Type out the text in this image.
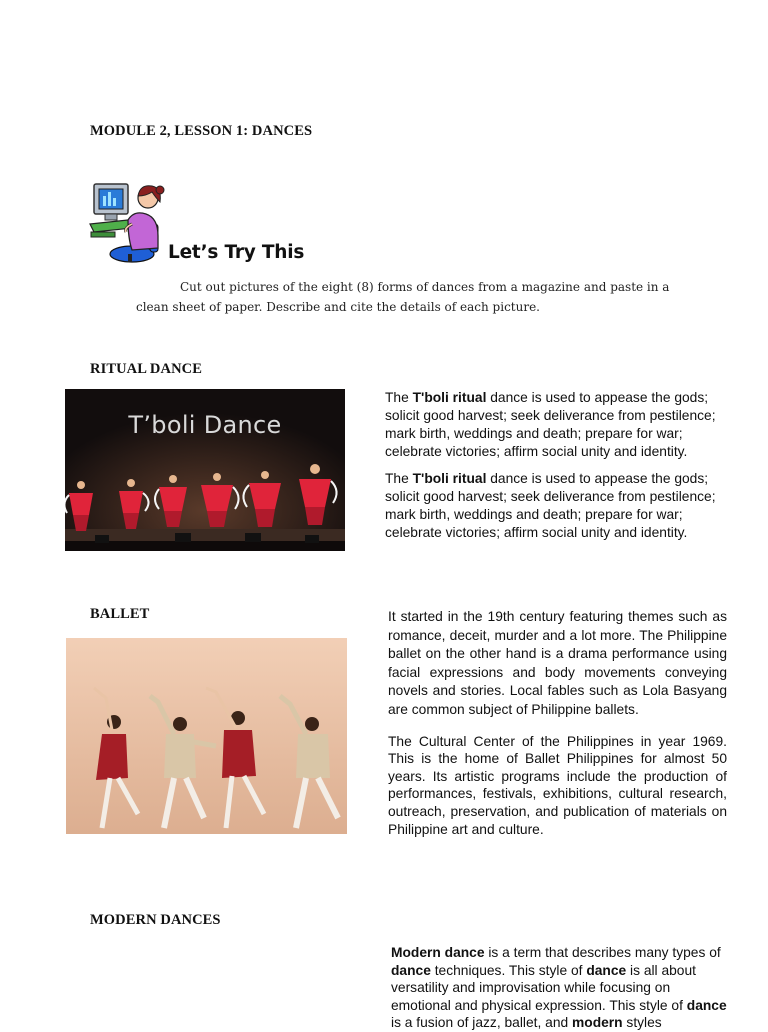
MODULE 2, LESSON 1: DANCES
Let’s Try This
Cut out pictures of the eight (8) forms of dances from a magazine and paste in a
clean sheet of paper. Describe and cite the details of each picture.
RITUAL DANCE
T’boli Dance

The T'boli ritual dance is used to appease the gods; solicit good harvest; seek deliverance from pestilence; mark birth, weddings and death; prepare for war; celebrate victories; affirm social unity and identity.

The T'boli ritual dance is used to appease the gods; solicit good harvest; seek deliverance from pestilence; mark birth, weddings and death; prepare for war; celebrate victories; affirm social unity and identity.

BALLET	It started in the 19th century featuring themes such as romance, deceit, murder and a lot more. The Philippine ballet on the other hand is a drama performance using facial expressions and body movements conveying novels and stories. Local fables such as Lola Basyang are common subject of Philippine ballets.

The Cultural Center of the Philippines in year 1969. This is the home of Ballet Philippines for almost 50 years. Its artistic programs include the production of performances, festivals, exhibitions, cultural research, outreach, preservation, and publication of materials on Philippine art and culture.

MODERN DANCES

Modern dance is a term that describes many types of dance techniques. This style of dance is all about versatility and improvisation while focusing on emotional and physical expression. This style of dance is a fusion of jazz, ballet, and modern styles
